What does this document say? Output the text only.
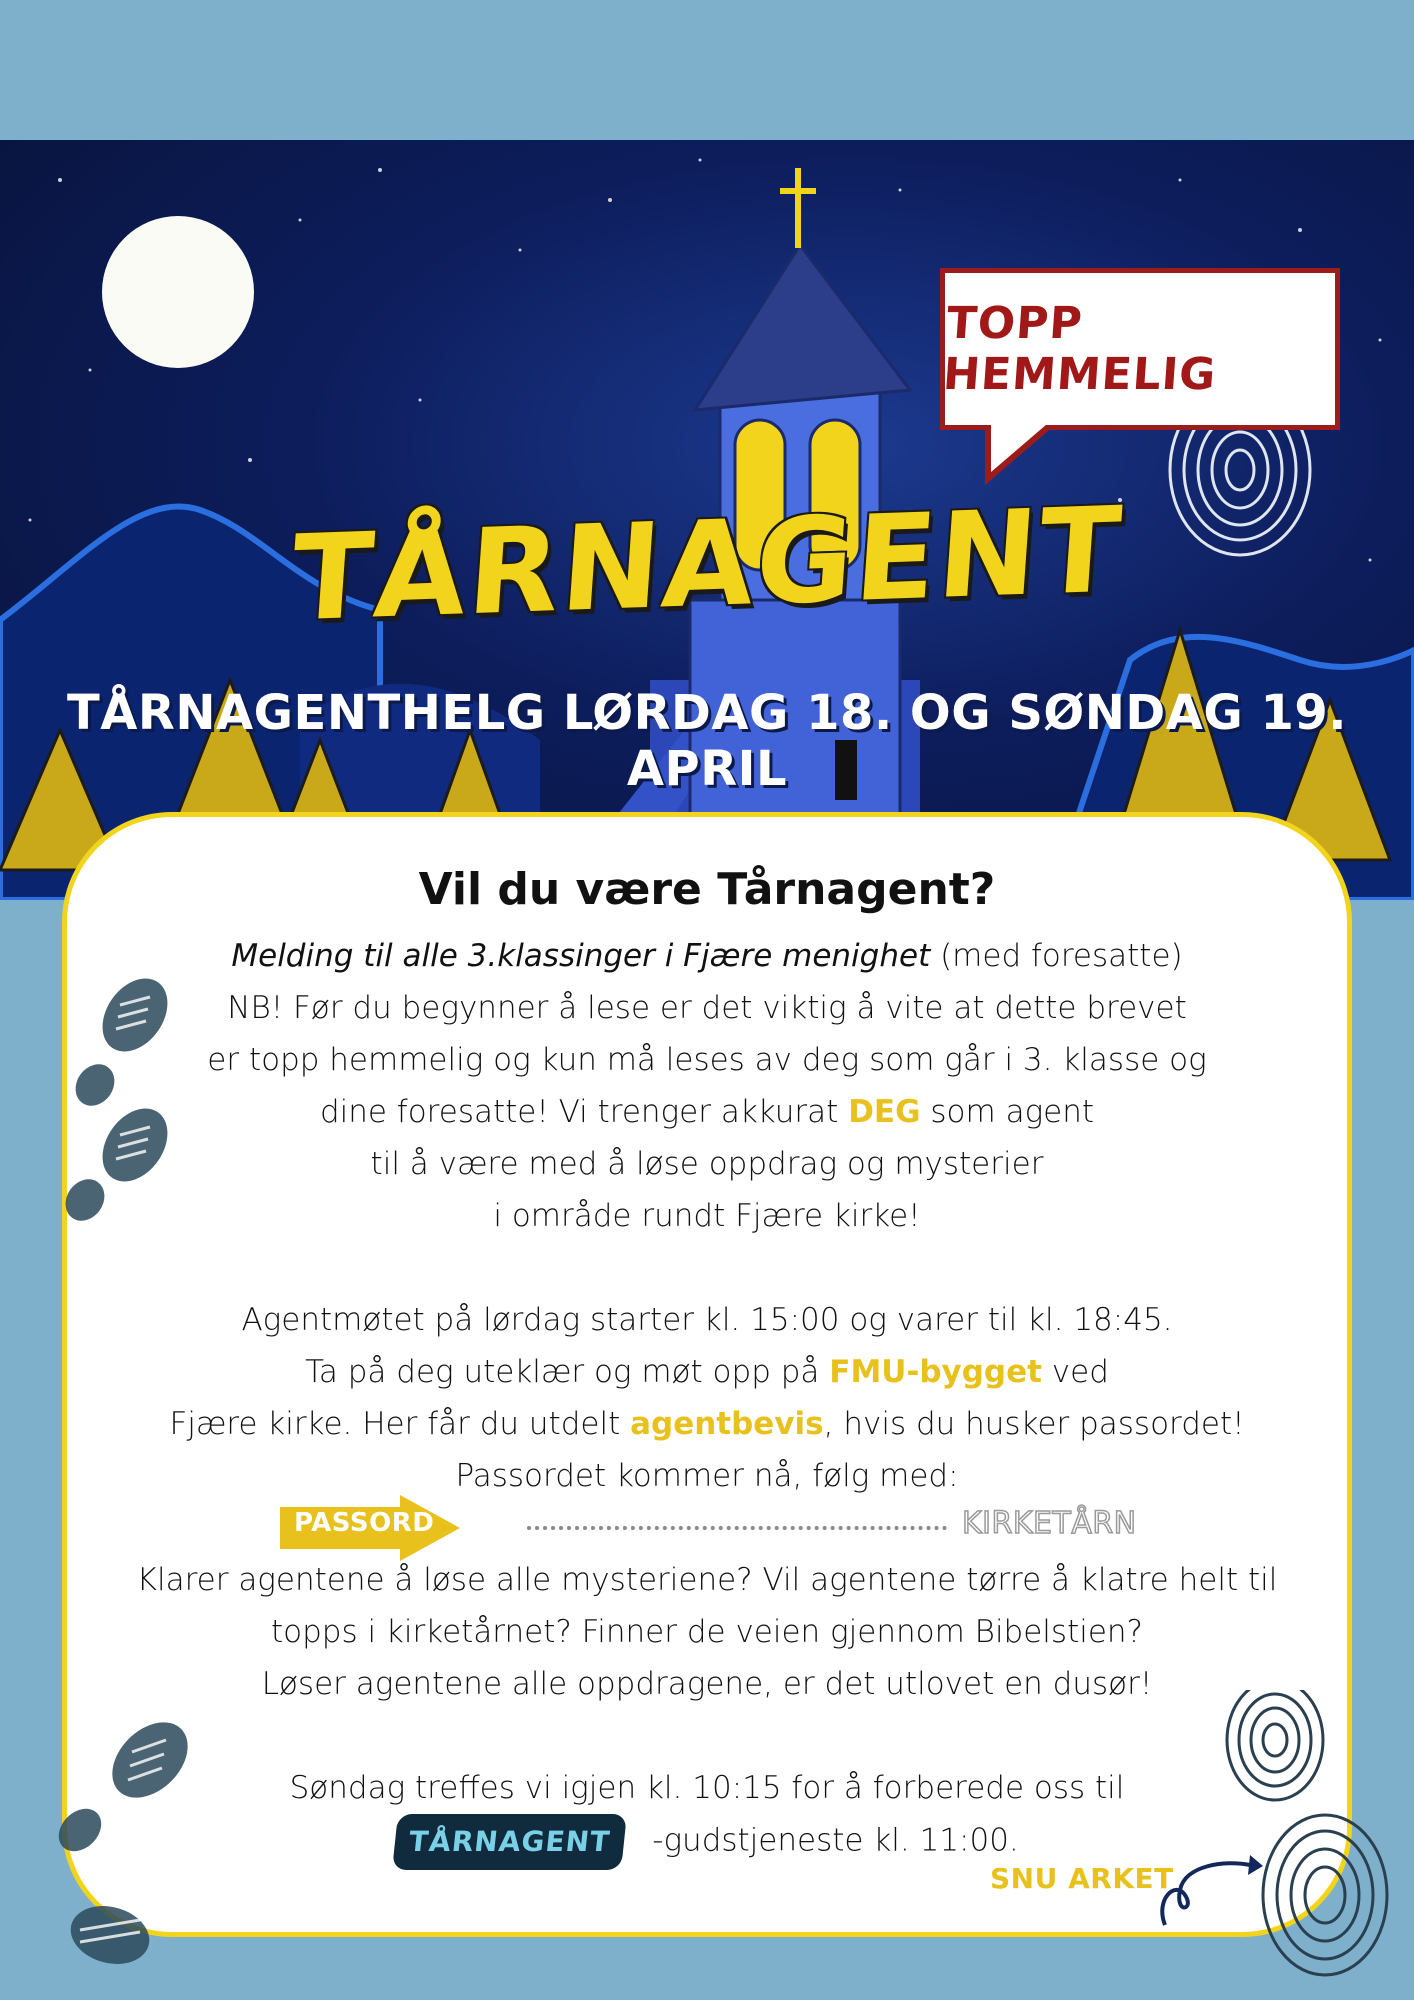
TÅRNAGENT
TÅRNAGENTHELG LØRDAG 18. OG SØNDAG 19. APRIL
TOPP HEMMELIG

Vil du være Tårnagent?

Melding til alle 3.klassinger i Fjære menighet (med foresatte)

NB! Før du begynner å lese er det viktig å vite at dette brevet

er topp hemmelig og kun må leses av deg som går i 3. klasse og

dine foresatte! Vi trenger akkurat DEG som agent

til å være med å løse oppdrag og mysterier

i område rundt Fjære kirke!

Agentmøtet på lørdag starter kl. 15:00 og varer til kl. 18:45.

Ta på deg uteklær og møt opp på FMU-bygget ved

Fjære kirke. Her får du utdelt agentbevis, hvis du husker passordet!

Passordet kommer nå, følg med:

PASSORD	KIRKETÅRN

Klarer agentene å løse alle mysteriene? Vil agentene tørre å klatre helt til

topps i kirketårnet? Finner de veien gjennom Bibelstien?

Løser agentene alle oppdragene, er det utlovet en dusør!

Søndag treffes vi igjen kl. 10:15 for å forberede oss til

TÅRNAGENT -gudstjeneste kl. 11:00.

SNU ARKET
